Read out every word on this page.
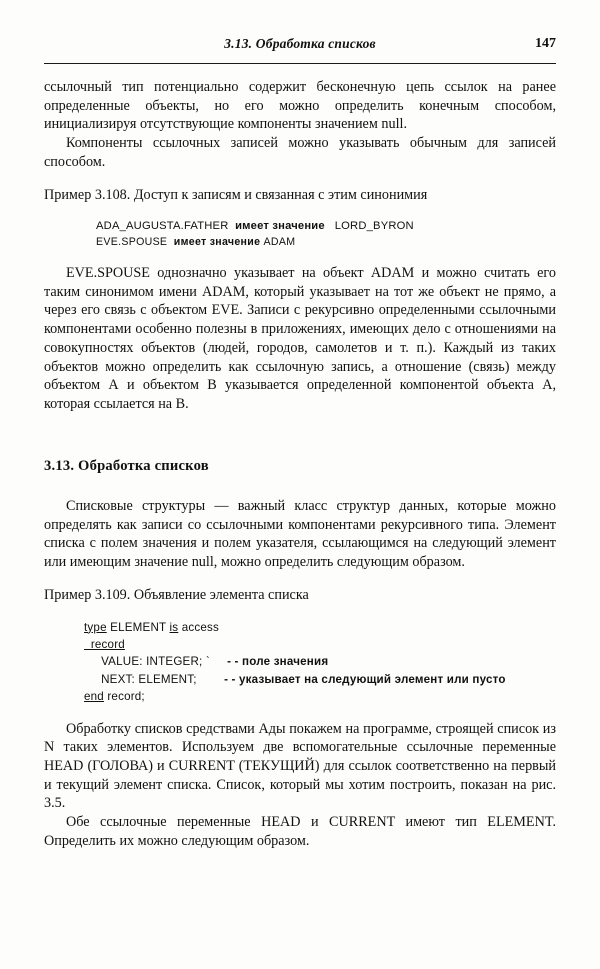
3.13. Обработка списков	147

ссылочный тип потенциально содержит бесконечную цепь ссылок на ранее определенные объекты, но его можно определить конечным способом, инициализируя отсутствующие компоненты значением null.

Компоненты ссылочных записей можно указывать обычным для записей способом.

Пример 3.108. Доступ к записям и связанная с этим синонимия

ADA_AUGUSTA.FATHER имеет значение LORD_BYRON
EVE.SPOUSE имеет значение ADAM

EVE.SPOUSE однозначно указывает на объект ADAM и можно считать его таким синонимом имени ADAM, который указывает на тот же объект не прямо, а через его связь с объектом EVE. Записи с рекурсивно определенными ссылочными компонентами особенно полезны в приложениях, имеющих дело с отношениями на совокупностях объектов (людей, городов, самолетов и т. п.). Каждый из таких объектов можно определить как ссылочную запись, а отношение (связь) между объектом А и объектом В указывается определенной компонентой объекта А, которая ссылается на В.

3.13. Обработка списков

Списковые структуры — важный класс структур данных, которые можно определять как записи со ссылочными компонентами рекурсивного типа. Элемент списка с полем значения и полем указателя, ссылающимся на следующий элемент или имеющим значение null, можно определить следующим образом.

Пример 3.109. Объявление элемента списка

type ELEMENT is access
record
VALUE: INTEGER; ` - - поле значения
NEXT: ELEMENT; - - указывает на следующий элемент или пусто
end record;

Обработку списков средствами Ады покажем на программе, строящей список из N таких элементов. Используем две вспомогательные ссылочные переменные HEAD (ГОЛОВА) и CURRENT (ТЕКУЩИЙ) для ссылок соответственно на первый и текущий элемент списка. Список, который мы хотим построить, показан на рис. 3.5.

Обе ссылочные переменные HEAD и CURRENT имеют тип ELEMENT. Определить их можно следующим образом.
